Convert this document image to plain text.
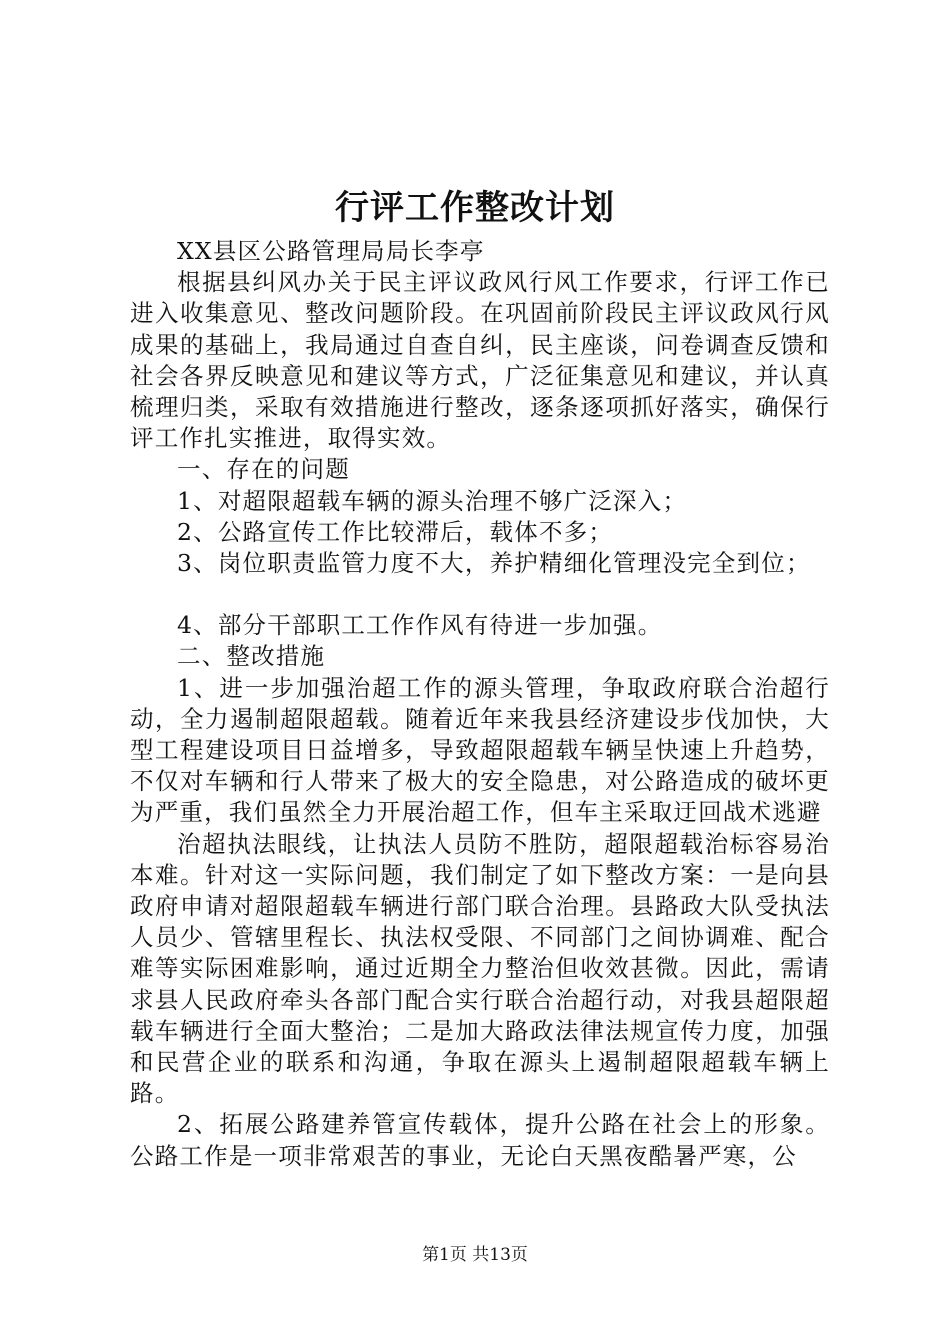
行评工作整改计划

XX县区公路管理局局长李亭

根据县纠风办关于民主评议政风行风工作要求，行评工作已进入收集意见、整改问题阶段。在巩固前阶段民主评议政风行风成果的基础上，我局通过自查自纠，民主座谈，问卷调查反馈和社会各界反映意见和建议等方式，广泛征集意见和建议，并认真梳理归类，采取有效措施进行整改，逐条逐项抓好落实，确保行评工作扎实推进，取得实效。

一、存在的问题

1、对超限超载车辆的源头治理不够广泛深入；

2、公路宣传工作比较滞后，载体不多；

3、岗位职责监管力度不大，养护精细化管理没完全到位；

4、部分干部职工工作作风有待进一步加强。

二、整改措施

1、进一步加强治超工作的源头管理，争取政府联合治超行动，全力遏制超限超载。随着近年来我县经济建设步伐加快，大型工程建设项目日益增多，导致超限超载车辆呈快速上升趋势，不仅对车辆和行人带来了极大的安全隐患，对公路造成的破坏更为严重，我们虽然全力开展治超工作，但车主采取迂回战术逃避

治超执法眼线，让执法人员防不胜防，超限超载治标容易治本难。针对这一实际问题，我们制定了如下整改方案：一是向县政府申请对超限超载车辆进行部门联合治理。县路政大队受执法人员少、管辖里程长、执法权受限、不同部门之间协调难、配合难等实际困难影响，通过近期全力整治但收效甚微。因此，需请求县人民政府牵头各部门配合实行联合治超行动，对我县超限超载车辆进行全面大整治；二是加大路政法律法规宣传力度，加强和民营企业的联系和沟通，争取在源头上遏制超限超载车辆上路。

2、拓展公路建养管宣传载体，提升公路在社会上的形象。公路工作是一项非常艰苦的事业，无论白天黑夜酷暑严寒，公

第1页 共13页
